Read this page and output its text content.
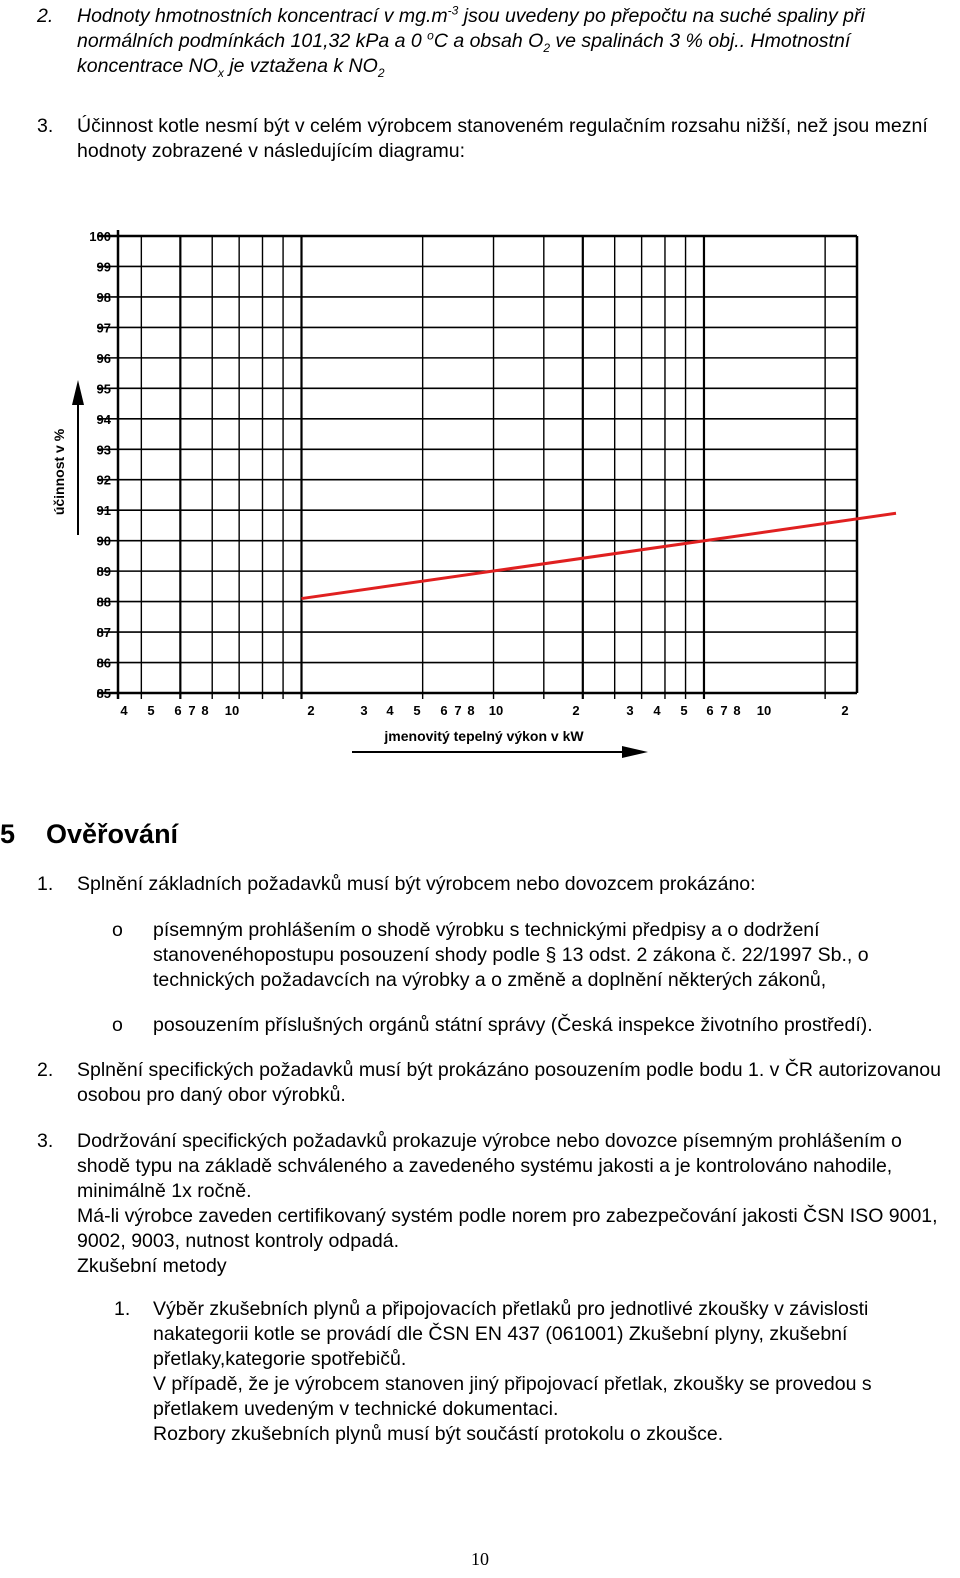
2. Hodnoty hmotnostních koncentrací v $mg.m^{-3}$ jsou uvedeny po přepočtu na suché spaliny při normálních podmínkách 101,32 kPa a 0 $^o$C a obsah $O_2$ ve spalinách 3 % obj.. Hmotnostní koncentrace $NO_x$ je vztažena k $NO_2$
3. Účinnost kotle nesmí být v celém výrobcem stanoveném regulačním rozsahu nižší, než jsou mezní hodnoty zobrazené v následujícím diagramu:
85
86
87
88
89
90
91
92
93
94
95
96
97
98
99
100
4 5 6 7 8 10	2	3 4 5 6 7 8 10	2	3 4 5 6 7 8 10	2
účinnost v %
jmenovitý tepelný výkon v kW
5 Ověřování
1. Splnění základních požadavků musí být výrobcem nebo dovozcem prokázáno:
o písemným prohlášením o shodě výrobku s technickými předpisy a o dodržení stanovenéhopostupu posouzení shody podle § 13 odst. 2 zákona č. 22/1997 Sb., o technických požadavcích na výrobky a o změně a doplnění některých zákonů,
o posouzením příslušných orgánů státní správy (Česká inspekce životního prostředí).
2. Splnění specifických požadavků musí být prokázáno posouzením podle bodu 1. v ČR autorizovanou osobou pro daný obor výrobků.
3. Dodržování specifických požadavků prokazuje výrobce nebo dovozce písemným prohlášením o shodě typu na základě schváleného a zavedeného systému jakosti a je kontrolováno nahodile, minimálně 1x ročně.
Má-li výrobce zaveden certifikovaný systém podle norem pro zabezpečování jakosti ČSN ISO 9001, 9002, 9003, nutnost kontroly odpadá.
Zkušební metody
1. Výběr zkušebních plynů a připojovacích přetlaků pro jednotlivé zkoušky v závislosti nakategorii kotle se provádí dle ČSN EN 437 (061001) Zkušební plyny, zkušební přetlaky,kategorie spotřebičů.
V případě, že je výrobcem stanoven jiný připojovací přetlak, zkoušky se provedou s přetlakem uvedeným v technické dokumentaci.
Rozbory zkušebních plynů musí být součástí protokolu o zkoušce.
10
